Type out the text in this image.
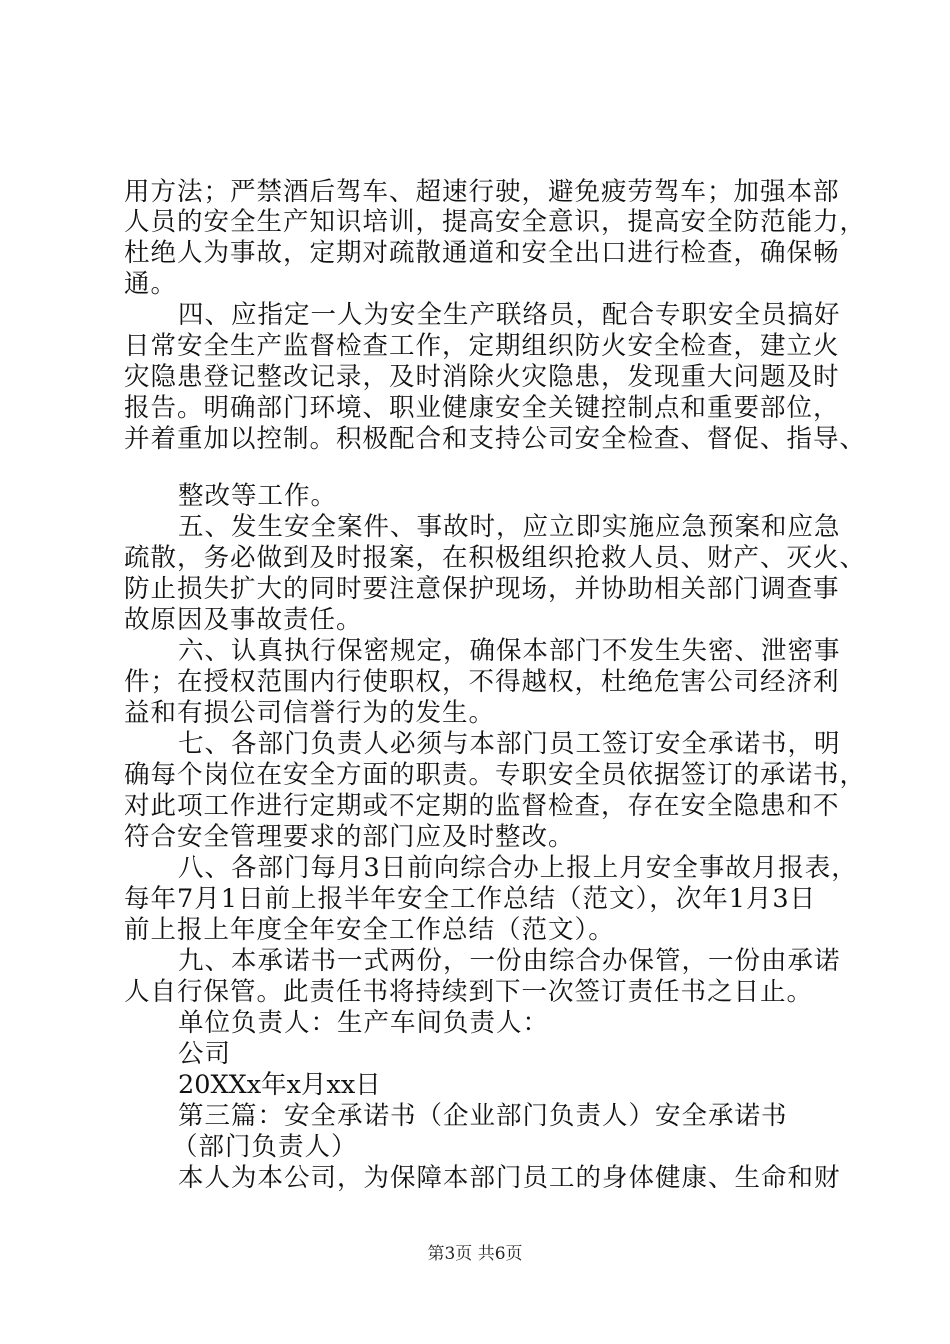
用方法；严禁酒后驾车、超速行驶，避免疲劳驾车；加强本部
人员的安全生产知识培训，提高安全意识，提高安全防范能力，
杜绝人为事故，定期对疏散通道和安全出口进行检查，确保畅
通。
四、应指定一人为安全生产联络员，配合专职安全员搞好
日常安全生产监督检查工作，定期组织防火安全检查，建立火
灾隐患登记整改记录，及时消除火灾隐患，发现重大问题及时
报告。明确部门环境、职业健康安全关键控制点和重要部位，
并着重加以控制。积极配合和支持公司安全检查、督促、指导、
整改等工作。
五、发生安全案件、事故时，应立即实施应急预案和应急
疏散，务必做到及时报案，在积极组织抢救人员、财产、灭火、
防止损失扩大的同时要注意保护现场，并协助相关部门调查事
故原因及事故责任。
六、认真执行保密规定，确保本部门不发生失密、泄密事
件；在授权范围内行使职权，不得越权，杜绝危害公司经济利
益和有损公司信誉行为的发生。
七、各部门负责人必须与本部门员工签订安全承诺书，明
确每个岗位在安全方面的职责。专职安全员依据签订的承诺书，
对此项工作进行定期或不定期的监督检查，存在安全隐患和不
符合安全管理要求的部门应及时整改。
八、各部门每月3日前向综合办上报上月安全事故月报表，
每年7月1日前上报半年安全工作总结（范文），次年1月3日
前上报上年度全年安全工作总结（范文）。
九、本承诺书一式两份，一份由综合办保管，一份由承诺
人自行保管。此责任书将持续到下一次签订责任书之日止。
单位负责人：生产车间负责人：
公司
20XXx年x月xx日
第三篇：安全承诺书（企业部门负责人）安全承诺书
（部门负责人）
本人为本公司，为保障本部门员工的身体健康、生命和财
第3页 共6页
